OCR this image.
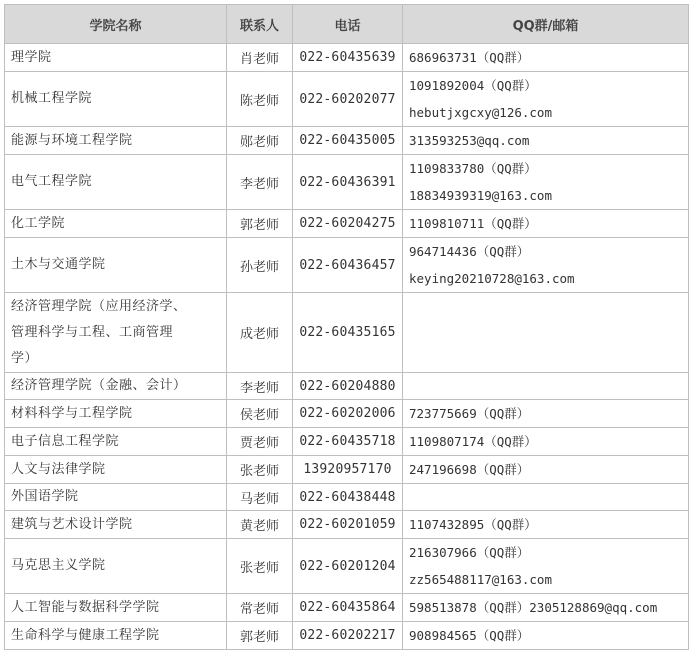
学院名称	联系人	电话	QQ群/邮箱

理学院	肖老师	022-60435639	686963731（QQ群）

机械工程学院	陈老师	022-60202077	1091892004（QQ群）
hebutjxgcxy@126.com

能源与环境工程学院	郧老师	022-60435005	313593253@qq.com

电气工程学院	李老师	022-60436391	1109833780（QQ群）
18834939319@163.com

化工学院	郭老师	022-60204275	1109810711（QQ群）

土木与交通学院	孙老师	022-60436457	964714436（QQ群）
keying20210728@163.com

经济管理学院（应用经济学、
管理科学与工程、工商管理
学）	成老师	022-60435165	

经济管理学院（金融、会计）	李老师	022-60204880	

材料科学与工程学院	侯老师	022-60202006	723775669（QQ群）

电子信息工程学院	贾老师	022-60435718	1109807174（QQ群）

人文与法律学院	张老师	13920957170	247196698（QQ群）

外国语学院	马老师	022-60438448	

建筑与艺术设计学院	黄老师	022-60201059	1107432895（QQ群）

马克思主义学院	张老师	022-60201204	216307966（QQ群）
zz565488117@163.com

人工智能与数据科学学院	常老师	022-60435864	598513878（QQ群）2305128869@qq.com

生命科学与健康工程学院	郭老师	022-60202217	908984565（QQ群）
